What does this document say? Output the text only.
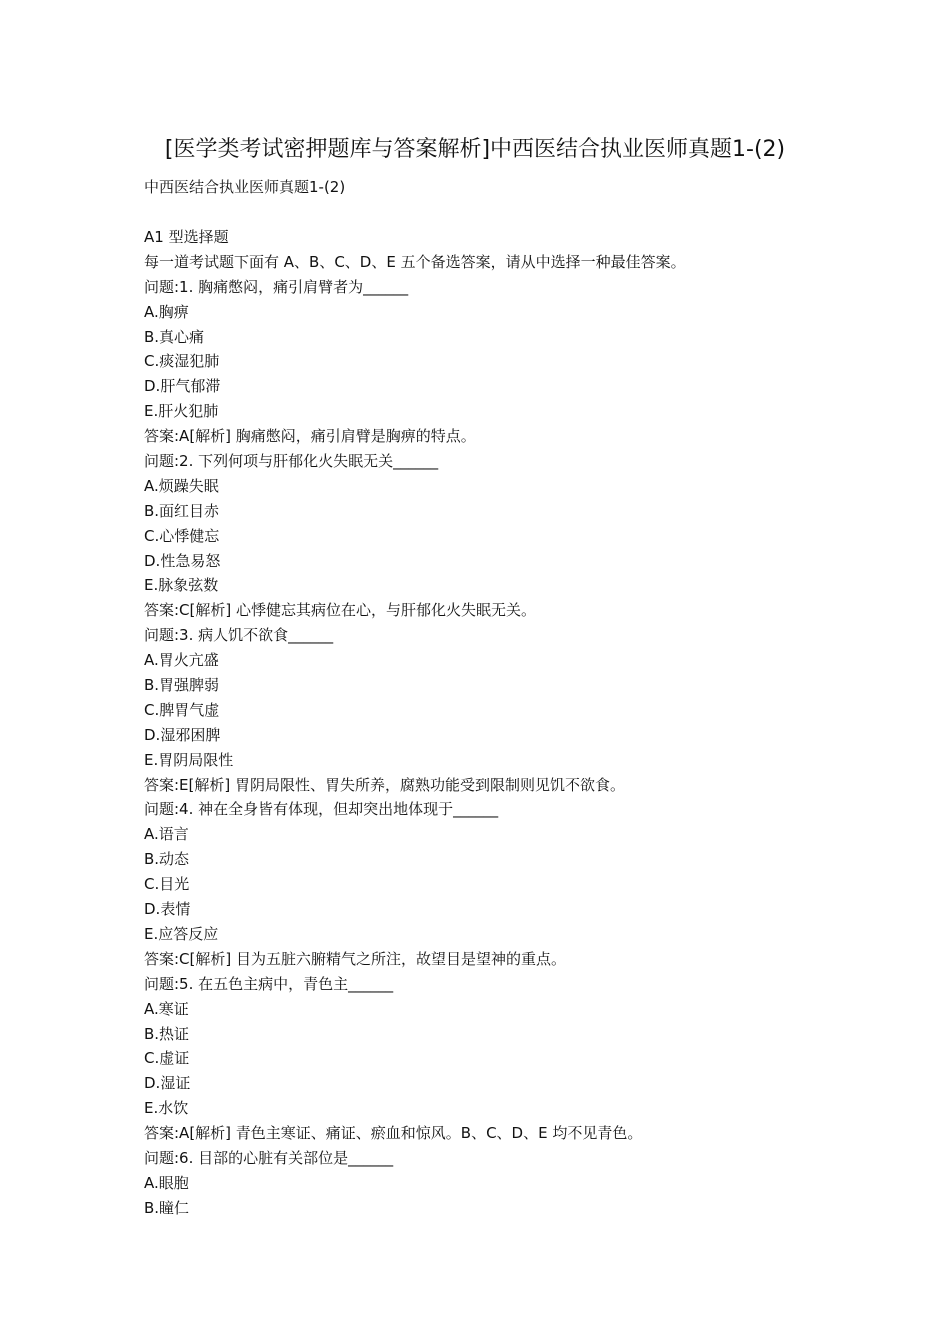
[医学类考试密押题库与答案解析]中西医结合执业医师真题1-(2)
中西医结合执业医师真题1-(2)
A1 型选择题
每一道考试题下面有 A、B、C、D、E 五个备选答案，请从中选择一种最佳答案。
问题:1. 胸痛憋闷，痛引肩臂者为______
A.胸痹
B.真心痛
C.痰湿犯肺
D.肝气郁滞
E.肝火犯肺
答案:A[解析] 胸痛憋闷，痛引肩臂是胸痹的特点。
问题:2. 下列何项与肝郁化火失眠无关______
A.烦躁失眠
B.面红目赤
C.心悸健忘
D.性急易怒
E.脉象弦数
答案:C[解析] 心悸健忘其病位在心，与肝郁化火失眠无关。
问题:3. 病人饥不欲食______
A.胃火亢盛
B.胃强脾弱
C.脾胃气虚
D.湿邪困脾
E.胃阴局限性
答案:E[解析] 胃阴局限性、胃失所养，腐熟功能受到限制则见饥不欲食。
问题:4. 神在全身皆有体现，但却突出地体现于______
A.语言
B.动态
C.目光
D.表情
E.应答反应
答案:C[解析] 目为五脏六腑精气之所注，故望目是望神的重点。
问题:5. 在五色主病中，青色主______
A.寒证
B.热证
C.虚证
D.湿证
E.水饮
答案:A[解析] 青色主寒证、痛证、瘀血和惊风。B、C、D、E 均不见青色。
问题:6. 目部的心脏有关部位是______
A.眼胞
B.瞳仁
